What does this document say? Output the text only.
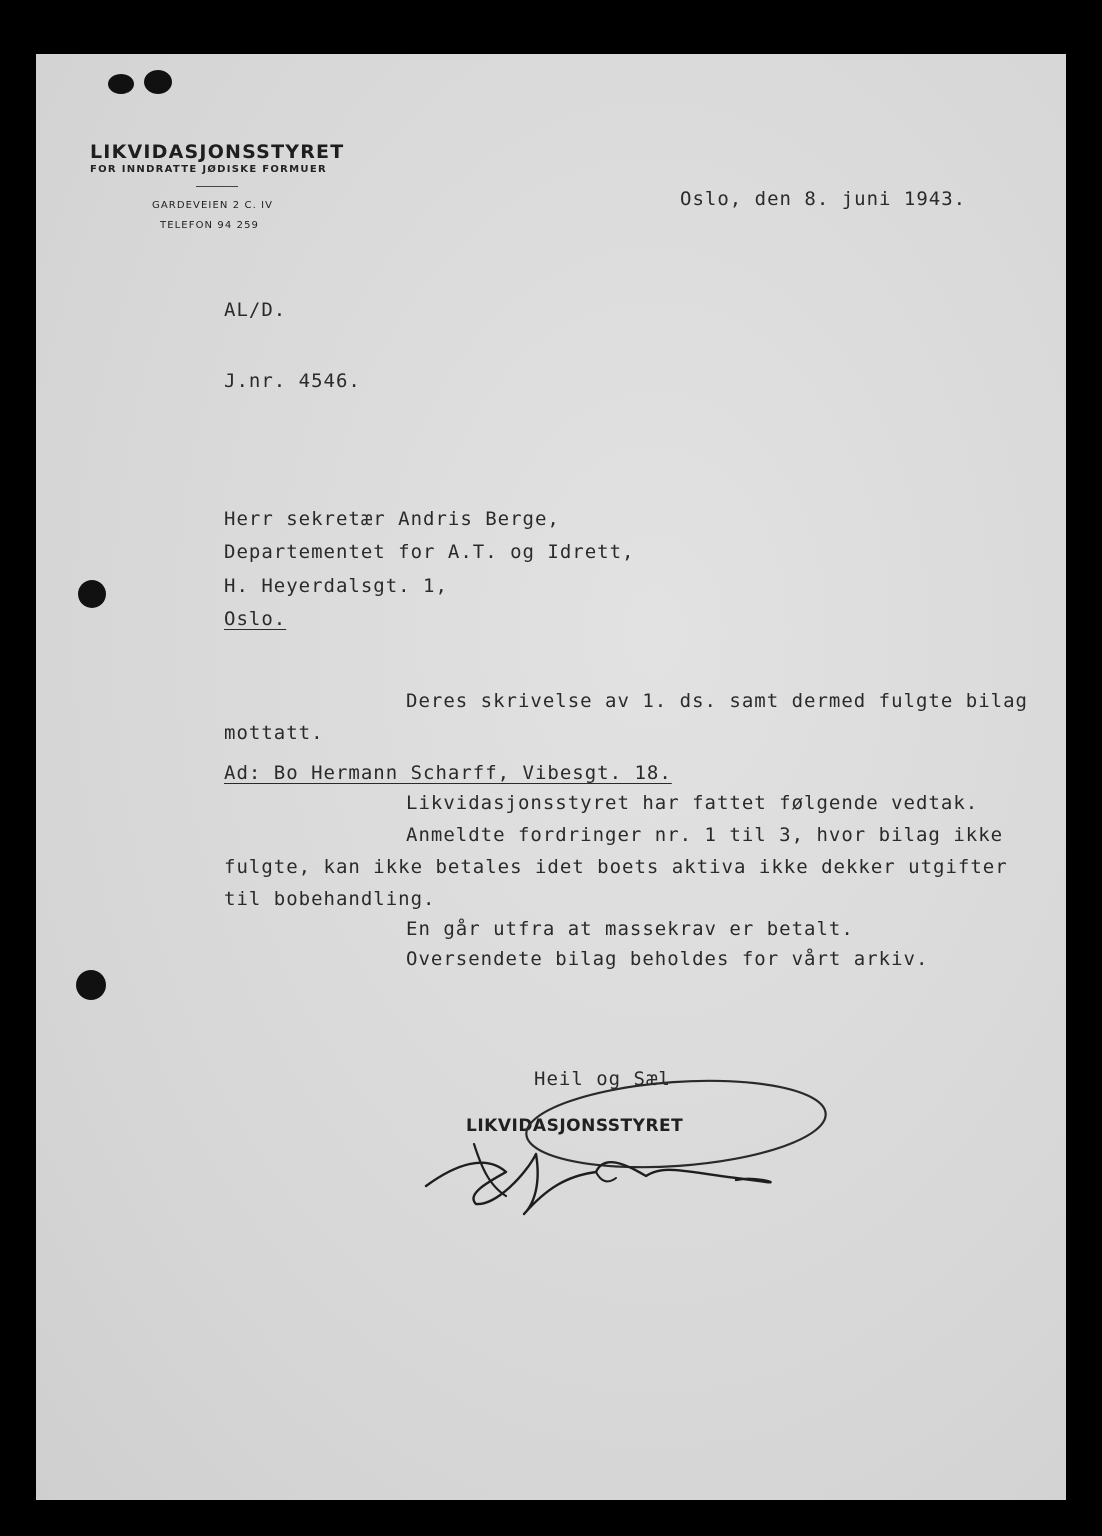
LIKVIDASJONSSTYRET
FOR INNDRATTE JØDISKE FORMUER
GARDEVEIEN 2 C. IV
TELEFON 94 259
Oslo, den 8. juni 1943.
AL/D.
J.nr. 4546.
Herr sekretær Andris Berge,
Departementet for A.T. og Idrett,
H. Heyerdalsgt. 1,
Oslo.
Deres skrivelse av 1. ds. samt dermed fulgte bilag
mottatt.
Ad: Bo Hermann Scharff, Vibesgt. 18.
Likvidasjonsstyret har fattet følgende vedtak.
Anmeldte fordringer nr. 1 til 3, hvor bilag ikke
fulgte, kan ikke betales idet boets aktiva ikke dekker utgifter
til bobehandling.
En går utfra at massekrav er betalt.
Oversendete bilag beholdes for vårt arkiv.
Heil og Sæl
LIKVIDASJONSSTYRET
